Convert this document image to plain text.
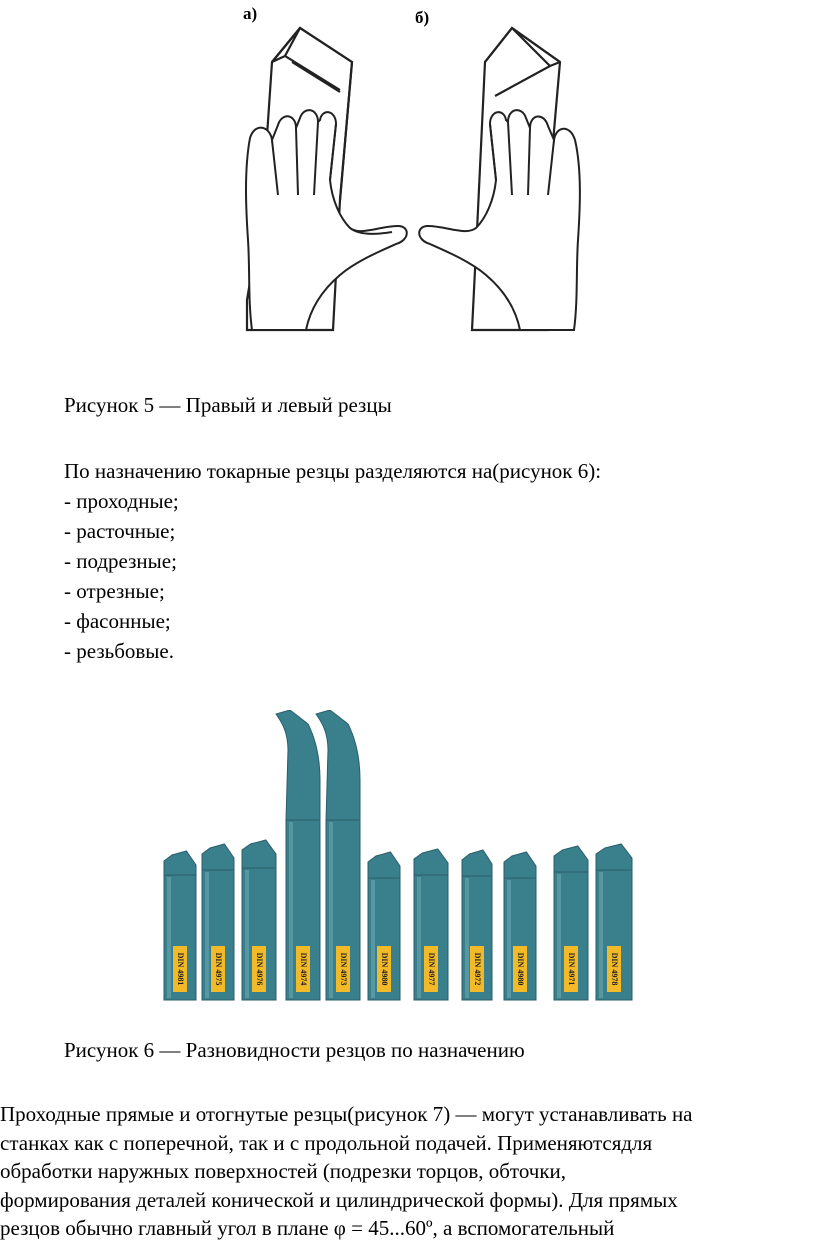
а)	б)
Рисунок 5 — Правый и левый резцы
По назначению токарные резцы разделяются на(рисунок 6):
- проходные;
- расточные;
- подрезные;
- отрезные;
- фасонные;
- резьбовые.
DIN 4981	DIN 4975	DIN 4976	DIN 4974	DIN 4973	DIN 4980	DIN 4977	DIN 4972	DIN 4980	DIN 4971	DIN 4978
Рисунок 6 — Разновидности резцов по назначению
Проходные прямые и отогнутые резцы(рисунок 7) — могут устанавливать на
станках как с поперечной, так и с продольной подачей. Применяютсядля
обработки наружных поверхностей (подрезки торцов, обточки,
формирования деталей конической и цилиндрической формы). Для прямых
резцов обычно главный угол в плане φ = 45...60º, а вспомогательный
